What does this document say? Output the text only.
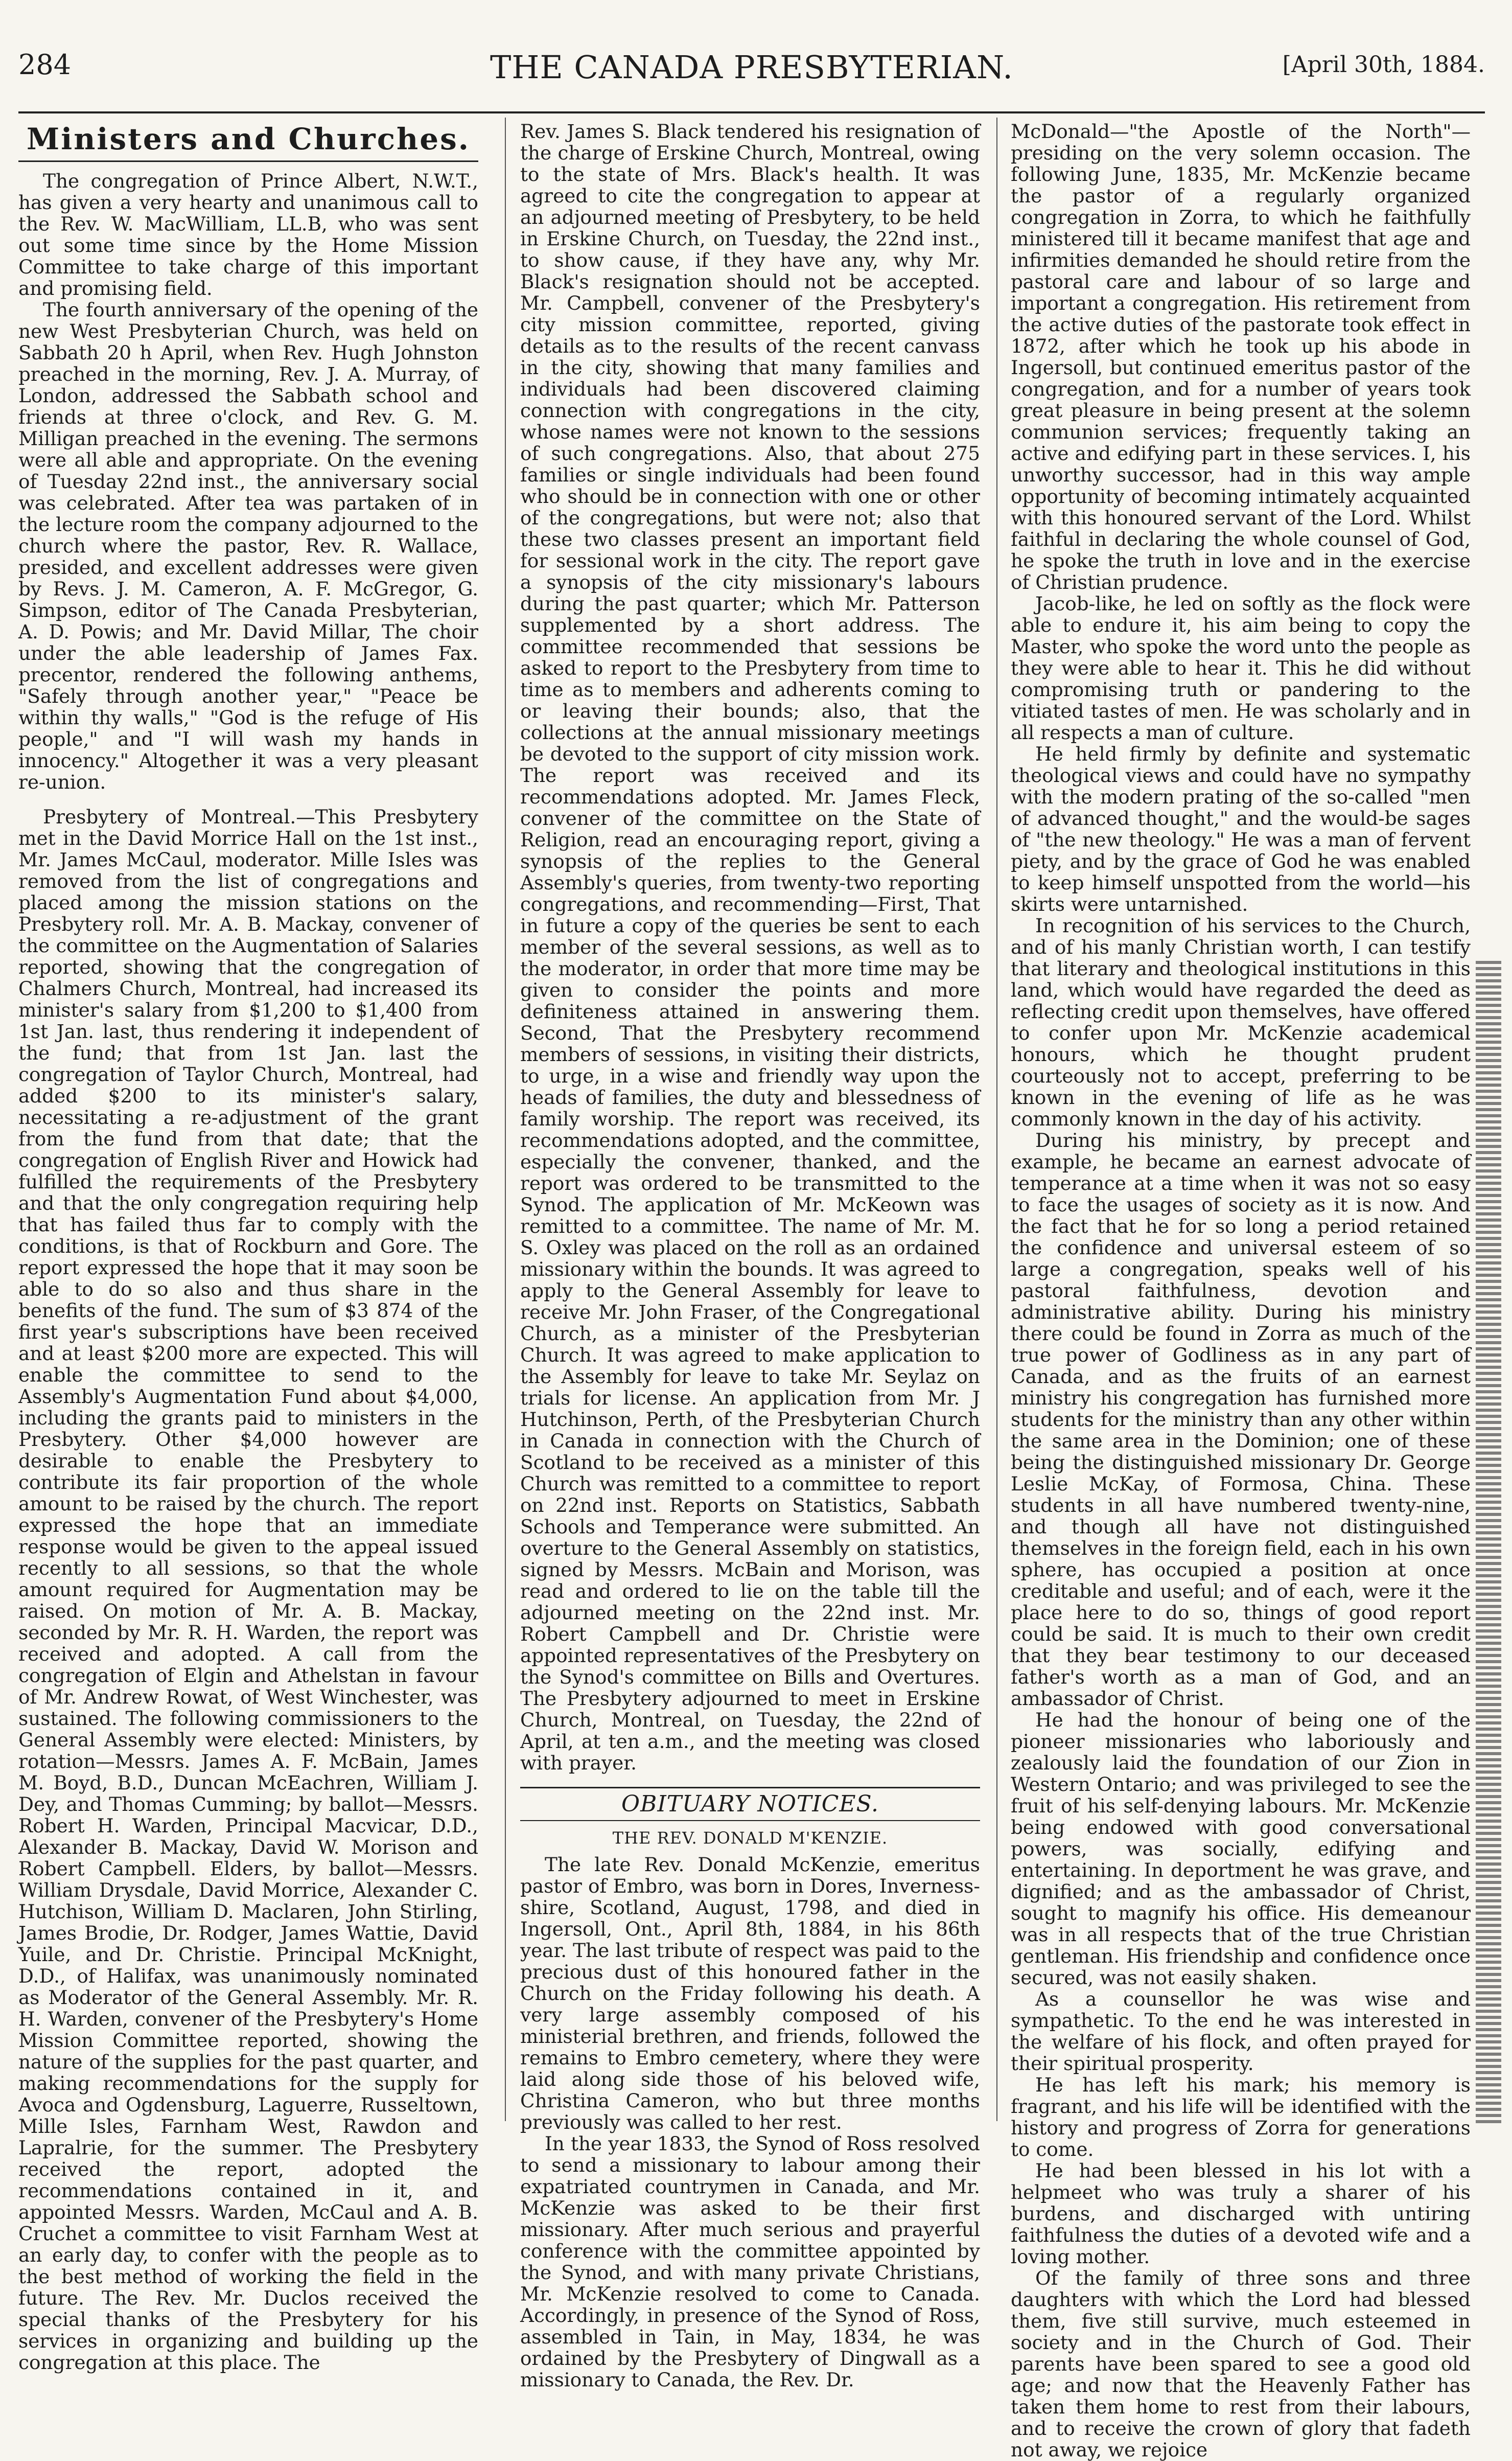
284	THE CANADA PRESBYTERIAN.	[April 30th, 1884.
Ministers and Churches.

The congregation of Prince Albert, N.W.T., has given a very hearty and unanimous call to the Rev. W. MacWilliam, LL.B, who was sent out some time since by the Home Mission Committee to take charge of this important and promising field.

The fourth anniversary of the opening of the new West Presbyterian Church, was held on Sabbath 20 h April, when Rev. Hugh Johnston preached in the morning, Rev. J. A. Murray, of London, addressed the Sabbath school and friends at three o'clock, and Rev. G. M. Milligan preached in the evening. The sermons were all able and appropriate. On the evening of Tuesday 22nd inst., the anniversary social was celebrated. After tea was partaken of in the lecture room the company adjourned to the church where the pastor, Rev. R. Wallace, presided, and excellent addresses were given by Revs. J. M. Cameron, A. F. McGregor, G. Simpson, editor of The Canada Presbyterian, A. D. Powis; and Mr. David Millar, The choir under the able leadership of James Fax. precentor, rendered the following anthems, "Safely through another year," "Peace be within thy walls," "God is the refuge of His people," and "I will wash my hands in innocency." Altogether it was a very pleasant re-union.

Presbytery of Montreal.—This Presbytery met in the David Morrice Hall on the 1st inst., Mr. James McCaul, moderator. Mille Isles was removed from the list of congregations and placed among the mission stations on the Presbytery roll. Mr. A. B. Mackay, convener of the committee on the Augmentation of Salaries reported, showing that the congregation of Chalmers Church, Montreal, had increased its minister's salary from $1,200 to $1,400 from 1st Jan. last, thus rendering it independent of the fund; that from 1st Jan. last the congregation of Taylor Church, Montreal, had added $200 to its minister's salary, necessitating a re-adjustment of the grant from the fund from that date; that the congregation of English River and Howick had fulfilled the requirements of the Presbytery and that the only congregation requiring help that has failed thus far to comply with the conditions, is that of Rockburn and Gore. The report expressed the hope that it may soon be able to do so also and thus share in the benefits of the fund. The sum of $3 874 of the first year's subscriptions have been received and at least $200 more are expected. This will enable the committee to send to the Assembly's Augmentation Fund about $4,000, including the grants paid to ministers in the Presbytery. Other $4,000 however are desirable to enable the Presbytery to contribute its fair proportion of the whole amount to be raised by the church. The report expressed the hope that an immediate response would be given to the appeal issued recently to all sessions, so that the whole amount required for Augmentation may be raised. On motion of Mr. A. B. Mackay, seconded by Mr. R. H. Warden, the report was received and adopted. A call from the congregation of Elgin and Athelstan in favour of Mr. Andrew Rowat, of West Winchester, was sustained. The following commissioners to the General Assembly were elected: Ministers, by rotation—Messrs. James A. F. McBain, James M. Boyd, B.D., Duncan McEachren, William J. Dey, and Thomas Cumming; by ballot—Messrs. Robert H. Warden, Principal Macvicar, D.D., Alexander B. Mackay, David W. Morison and Robert Campbell. Elders, by ballot—Messrs. William Drysdale, David Morrice, Alexander C. Hutchison, William D. Maclaren, John Stirling, James Brodie, Dr. Rodger, James Wattie, David Yuile, and Dr. Christie. Principal McKnight, D.D., of Halifax, was unanimously nominated as Moderator of the General Assembly. Mr. R. H. Warden, convener of the Presbytery's Home Mission Committee reported, showing the nature of the supplies for the past quarter, and making recommendations for the supply for Avoca and Ogdensburg, Laguerre, Russeltown, Mille Isles, Farnham West, Rawdon and Lapralrie, for the summer. The Presbytery received the report, adopted the recommendations contained in it, and appointed Messrs. Warden, McCaul and A. B. Cruchet a committee to visit Farnham West at an early day, to confer with the people as to the best method of working the field in the future. The Rev. Mr. Duclos received the special thanks of the Presbytery for his services in organizing and building up the congregation at this place. The

Rev. James S. Black tendered his resignation of the charge of Erskine Church, Montreal, owing to the state of Mrs. Black's health. It was agreed to cite the congregation to appear at an adjourned meeting of Presbytery, to be held in Erskine Church, on Tuesday, the 22nd inst., to show cause, if they have any, why Mr. Black's resignation should not be accepted. Mr. Campbell, convener of the Presbytery's city mission committee, reported, giving details as to the results of the recent canvass in the city, showing that many families and individuals had been discovered claiming connection with congregations in the city, whose names were not known to the sessions of such congregations. Also, that about 275 families or single individuals had been found who should be in connection with one or other of the congregations, but were not; also that these two classes present an important field for sessional work in the city. The report gave a synopsis of the city missionary's labours during the past quarter; which Mr. Patterson supplemented by a short address. The committee recommended that sessions be asked to report to the Presbytery from time to time as to members and adherents coming to or leaving their bounds; also, that the collections at the annual missionary meetings be devoted to the support of city mission work. The report was received and its recommendations adopted. Mr. James Fleck, convener of the committee on the State of Religion, read an encouraging report, giving a synopsis of the replies to the General Assembly's queries, from twenty-two reporting congregations, and recommending—First, That in future a copy of the queries be sent to each member of the several sessions, as well as to the moderator, in order that more time may be given to consider the points and more definiteness attained in answering them. Second, That the Presbytery recommend members of sessions, in visiting their districts, to urge, in a wise and friendly way upon the heads of families, the duty and blessedness of family worship. The report was received, its recommendations adopted, and the committee, especially the convener, thanked, and the report was ordered to be transmitted to the Synod. The application of Mr. McKeown was remitted to a committee. The name of Mr. M. S. Oxley was placed on the roll as an ordained missionary within the bounds. It was agreed to apply to the General Assembly for leave to receive Mr. John Fraser, of the Congregational Church, as a minister of the Presbyterian Church. It was agreed to make application to the Assembly for leave to take Mr. Seylaz on trials for license. An application from Mr. J Hutchinson, Perth, of the Presbyterian Church in Canada in connection with the Church of Scotland to be received as a minister of this Church was remitted to a committee to report on 22nd inst. Reports on Statistics, Sabbath Schools and Temperance were submitted. An overture to the General Assembly on statistics, signed by Messrs. McBain and Morison, was read and ordered to lie on the table till the adjourned meeting on the 22nd inst. Mr. Robert Campbell and Dr. Christie were appointed representatives of the Presbytery on the Synod's committee on Bills and Overtures. The Presbytery adjourned to meet in Erskine Church, Montreal, on Tuesday, the 22nd of April, at ten a.m., and the meeting was closed with prayer.

OBITUARY NOTICES.
THE REV. DONALD M'KENZIE.

The late Rev. Donald McKenzie, emeritus pastor of Embro, was born in Dores, Inverness-shire, Scotland, August, 1798, and died in Ingersoll, Ont., April 8th, 1884, in his 86th year. The last tribute of respect was paid to the precious dust of this honoured father in the Church on the Friday following his death. A very large assembly composed of his ministerial brethren, and friends, followed the remains to Embro cemetery, where they were laid along side those of his beloved wife, Christina Cameron, who but three months previously was called to her rest.

In the year 1833, the Synod of Ross resolved to send a missionary to labour among their expatriated countrymen in Canada, and Mr. McKenzie was asked to be their first missionary. After much serious and prayerful conference with the committee appointed by the Synod, and with many private Christians, Mr. McKenzie resolved to come to Canada. Accordingly, in presence of the Synod of Ross, assembled in Tain, in May, 1834, he was ordained by the Presbytery of Dingwall as a missionary to Canada, the Rev. Dr.

McDonald—"the Apostle of the North"—presiding on the very solemn occasion. The following June, 1835, Mr. McKenzie became the pastor of a regularly organized congregation in Zorra, to which he faithfully ministered till it became manifest that age and infirmities demanded he should retire from the pastoral care and labour of so large and important a congregation. His retirement from the active duties of the pastorate took effect in 1872, after which he took up his abode in Ingersoll, but continued emeritus pastor of the congregation, and for a number of years took great pleasure in being present at the solemn communion services; frequently taking an active and edifying part in these services. I, his unworthy successor, had in this way ample opportunity of becoming intimately acquainted with this honoured servant of the Lord. Whilst faithful in declaring the whole counsel of God, he spoke the truth in love and in the exercise of Christian prudence.

Jacob-like, he led on softly as the flock were able to endure it, his aim being to copy the Master, who spoke the word unto the people as they were able to hear it. This he did without compromising truth or pandering to the vitiated tastes of men. He was scholarly and in all respects a man of culture.

He held firmly by definite and systematic theological views and could have no sympathy with the modern prating of the so-called "men of advanced thought," and the would-be sages of "the new theology." He was a man of fervent piety, and by the grace of God he was enabled to keep himself unspotted from the world—his skirts were untarnished.

In recognition of his services to the Church, and of his manly Christian worth, I can testify that literary and theological institutions in this land, which would have regarded the deed as reflecting credit upon themselves, have offered to confer upon Mr. McKenzie academical honours, which he thought prudent courteously not to accept, preferring to be known in the evening of life as he was commonly known in the day of his activity.

During his ministry, by precept and example, he became an earnest advocate of temperance at a time when it was not so easy to face the usages of society as it is now. And the fact that he for so long a period retained the confidence and universal esteem of so large a congregation, speaks well of his pastoral faithfulness, devotion and administrative ability. During his ministry there could be found in Zorra as much of the true power of Godliness as in any part of Canada, and as the fruits of an earnest ministry his congregation has furnished more students for the ministry than any other within the same area in the Dominion; one of these being the distinguished missionary Dr. George Leslie McKay, of Formosa, China. These students in all have numbered twenty-nine, and though all have not distinguished themselves in the foreign field, each in his own sphere, has occupied a position at once creditable and useful; and of each, were it the place here to do so, things of good report could be said. It is much to their own credit that they bear testimony to our deceased father's worth as a man of God, and an ambassador of Christ.

He had the honour of being one of the pioneer missionaries who laboriously and zealously laid the foundation of our Zion in Western Ontario; and was privileged to see the fruit of his self-denying labours. Mr. McKenzie being endowed with good conversational powers, was socially, edifying and entertaining. In deportment he was grave, and dignified; and as the ambassador of Christ, sought to magnify his office. His demeanour was in all respects that of the true Christian gentleman. His friendship and confidence once secured, was not easily shaken.

As a counsellor he was wise and sympathetic. To the end he was interested in the welfare of his flock, and often prayed for their spiritual prosperity.

He has left his mark; his memory is fragrant, and his life will be identified with the history and progress of Zorra for generations to come.

He had been blessed in his lot with a helpmeet who was truly a sharer of his burdens, and discharged with untiring faithfulness the duties of a devoted wife and a loving mother.

Of the family of three sons and three daughters with which the Lord had blessed them, five still survive, much esteemed in society and in the Church of God. Their parents have been spared to see a good old age; and now that the Heavenly Father has taken them home to rest from their labours, and to receive the crown of glory that fadeth not away, we rejoice
